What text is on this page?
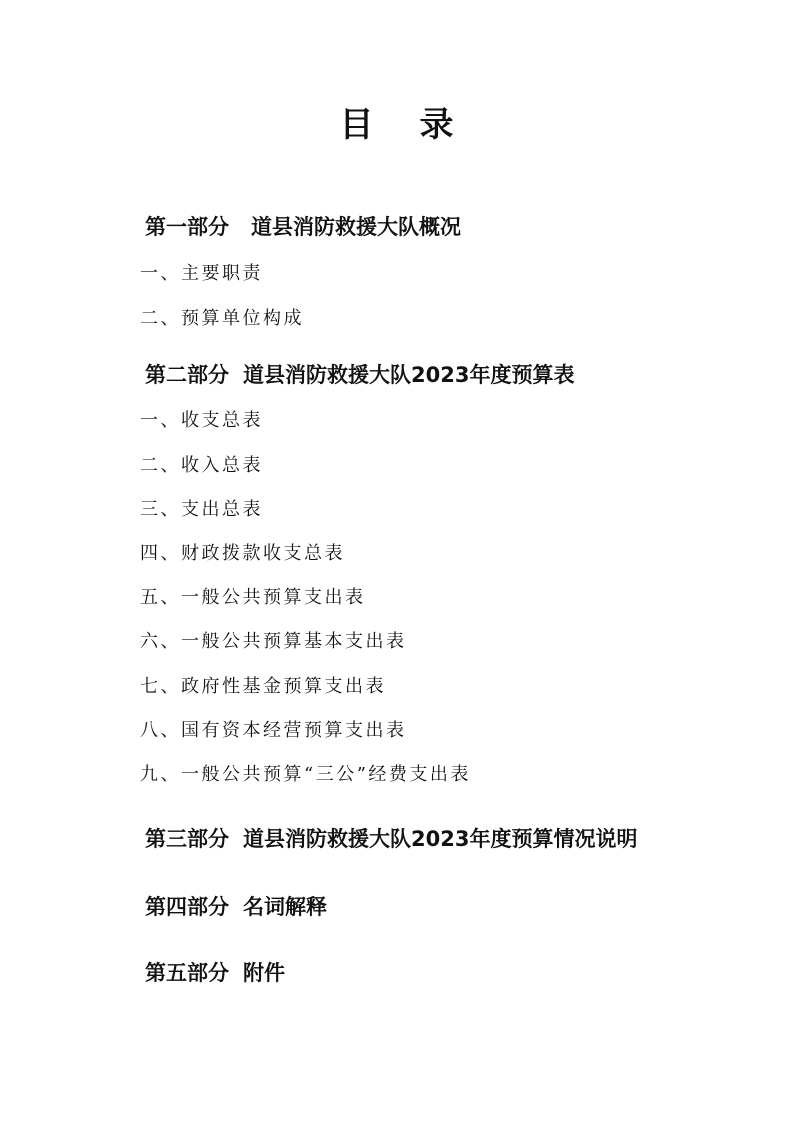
目录
第一部分 道县消防救援大队概况
一、主要职责
二、预算单位构成
第二部分 道县消防救援大队2023年度预算表
一、收支总表
二、收入总表
三、支出总表
四、财政拨款收支总表
五、一般公共预算支出表
六、一般公共预算基本支出表
七、政府性基金预算支出表
八、国有资本经营预算支出表
九、一般公共预算“三公”经费支出表
第三部分 道县消防救援大队2023年度预算情况说明
第四部分 名词解释
第五部分 附件
